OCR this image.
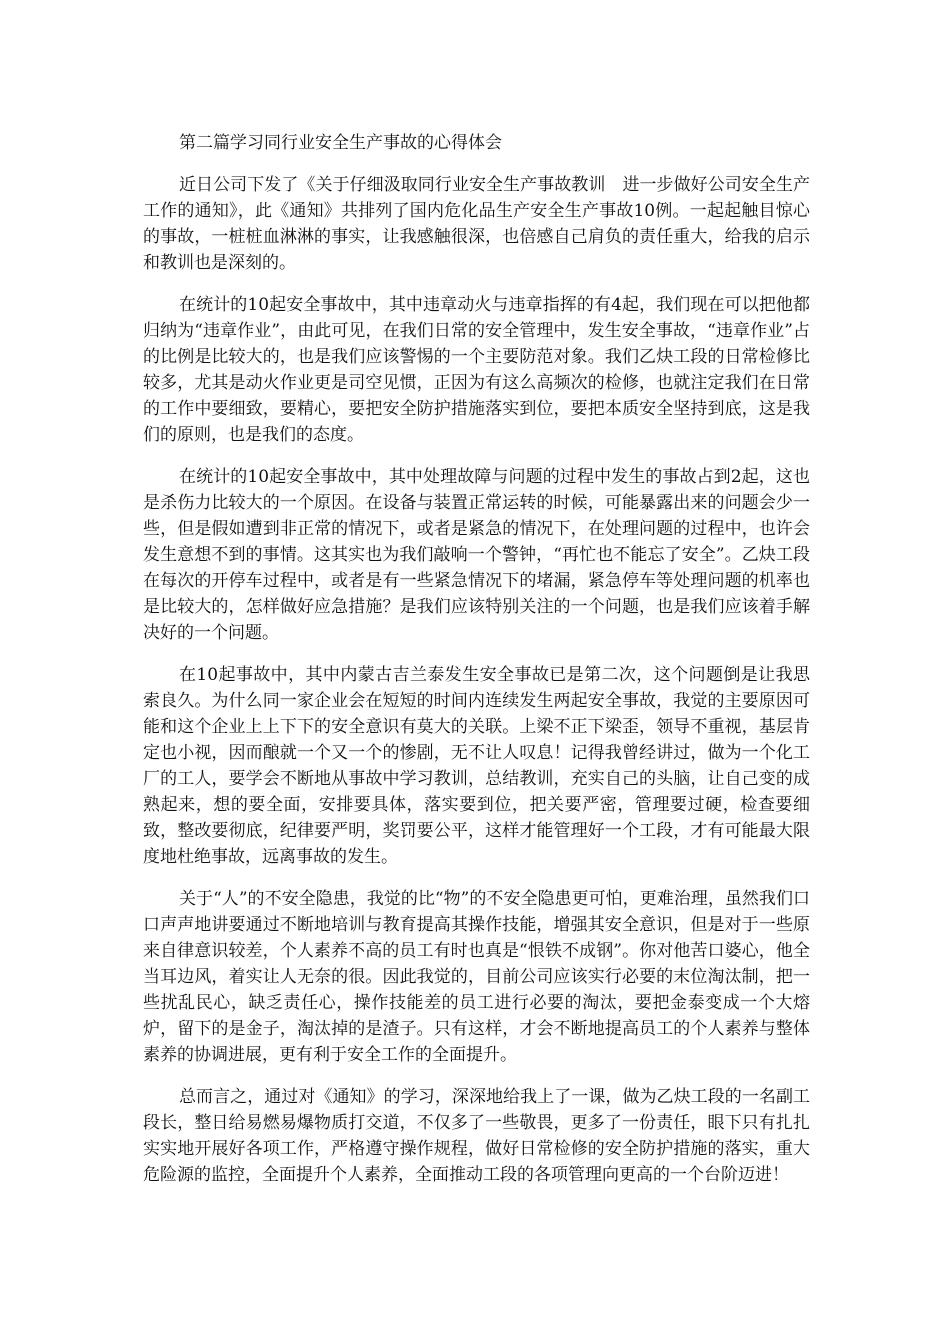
第二篇学习同行业安全生产事故的心得体会

近日公司下发了《关于仔细汲取同行业安全生产事故教训　进一步做好公司安全生产工作的通知》，此《通知》共排列了国内危化品生产安全生产事故10例。一起起触目惊心的事故，一桩桩血淋淋的事实，让我感触很深，也倍感自己肩负的责任重大，给我的启示和教训也是深刻的。

在统计的10起安全事故中，其中违章动火与违章指挥的有4起，我们现在可以把他都归纳为“违章作业”，由此可见，在我们日常的安全管理中，发生安全事故，“违章作业”占的比例是比较大的，也是我们应该警惕的一个主要防范对象。我们乙炔工段的日常检修比较多，尤其是动火作业更是司空见惯，正因为有这么高频次的检修，也就注定我们在日常的工作中要细致，要精心，要把安全防护措施落实到位，要把本质安全坚持到底，这是我们的原则，也是我们的态度。

在统计的10起安全事故中，其中处理故障与问题的过程中发生的事故占到2起，这也是杀伤力比较大的一个原因。在设备与装置正常运转的时候，可能暴露出来的问题会少一些，但是假如遭到非正常的情况下，或者是紧急的情况下，在处理问题的过程中，也许会发生意想不到的事情。这其实也为我们敲响一个警钟，“再忙也不能忘了安全”。乙炔工段在每次的开停车过程中，或者是有一些紧急情况下的堵漏，紧急停车等处理问题的机率也是比较大的，怎样做好应急措施？是我们应该特别关注的一个问题，也是我们应该着手解决好的一个问题。

在10起事故中，其中内蒙古吉兰泰发生安全事故已是第二次，这个问题倒是让我思索良久。为什么同一家企业会在短短的时间内连续发生两起安全事故，我觉的主要原因可能和这个企业上上下下的安全意识有莫大的关联。上梁不正下梁歪，领导不重视，基层肯定也小视，因而酿就一个又一个的惨剧，无不让人叹息！记得我曾经讲过，做为一个化工厂的工人，要学会不断地从事故中学习教训，总结教训，充实自己的头脑，让自己变的成熟起来，想的要全面，安排要具体，落实要到位，把关要严密，管理要过硬，检查要细致，整改要彻底，纪律要严明，奖罚要公平，这样才能管理好一个工段，才有可能最大限度地杜绝事故，远离事故的发生。

关于“人”的不安全隐患，我觉的比“物”的不安全隐患更可怕，更难治理，虽然我们口口声声地讲要通过不断地培训与教育提高其操作技能，增强其安全意识，但是对于一些原来自律意识较差，个人素养不高的员工有时也真是“恨铁不成钢”。你对他苦口婆心，他全当耳边风，着实让人无奈的很。因此我觉的，目前公司应该实行必要的末位淘汰制，把一些扰乱民心，缺乏责任心，操作技能差的员工进行必要的淘汰，要把金泰变成一个大熔炉，留下的是金子，淘汰掉的是渣子。只有这样，才会不断地提高员工的个人素养与整体素养的协调进展，更有利于安全工作的全面提升。

总而言之，通过对《通知》的学习，深深地给我上了一课，做为乙炔工段的一名副工段长，整日给易燃易爆物质打交道，不仅多了一些敬畏，更多了一份责任，眼下只有扎扎实实地开展好各项工作，严格遵守操作规程，做好日常检修的安全防护措施的落实，重大危险源的监控，全面提升个人素养，全面推动工段的各项管理向更高的一个台阶迈进！
